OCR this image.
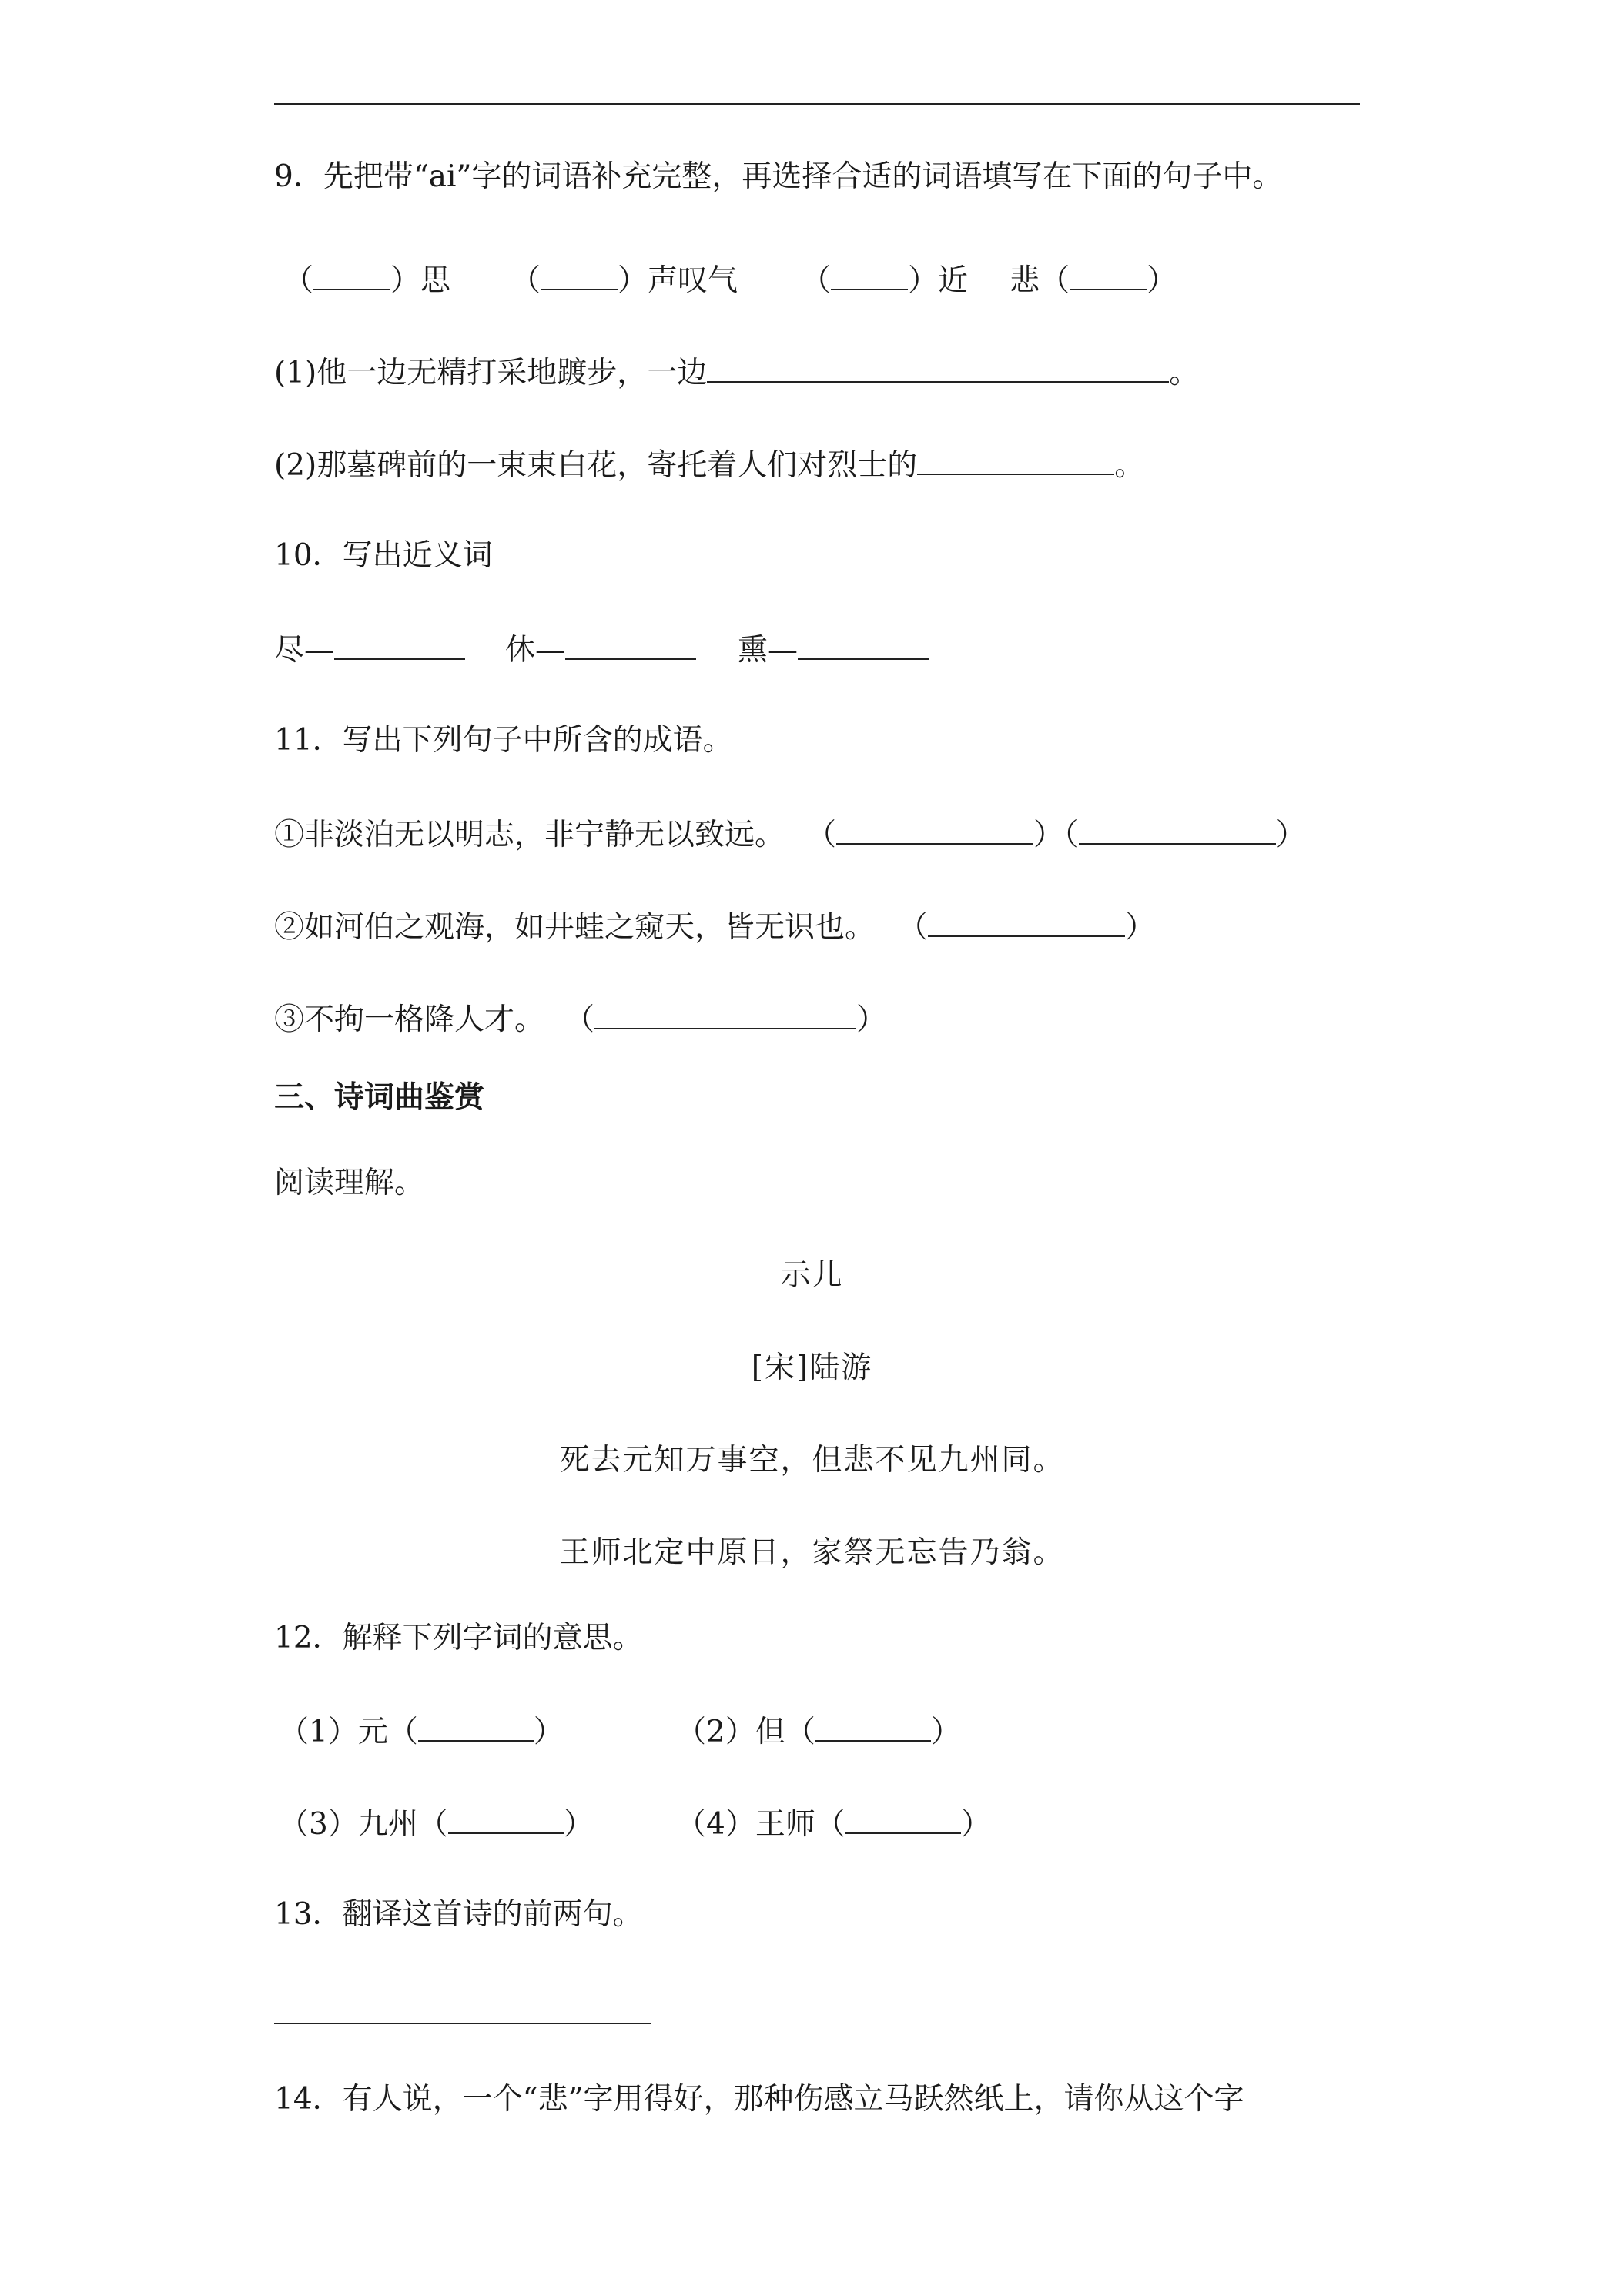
9．先把带“ai”字的词语补充完整，再选择合适的词语填写在下面的句子中。
（	）思 （	）声叹气 （	）近 悲（	）
(1)他一边无精打采地踱步，一边	。
(2)那墓碑前的一束束白花，寄托着人们对烈士的	。
10．写出近义词
尽—	休—	熏—
11．写出下列句子中所含的成语。
①非淡泊无以明志，非宁静无以致远。 （	）（	）
②如河伯之观海，如井蛙之窥天，皆无识也。 （	）
③不拘一格降人才。 （	）
三、诗词曲鉴赏
阅读理解。
示儿
[宋]陆游
死去元知万事空，但悲不见九州同。
王师北定中原日，家祭无忘告乃翁。
12．解释下列字词的意思。
（1）元（	）	（2）但（	）
（3）九州（	）	（4）王师（	）
13．翻译这首诗的前两句。
14．有人说，一个“悲”字用得好，那种伤感立马跃然纸上，请你从这个字
